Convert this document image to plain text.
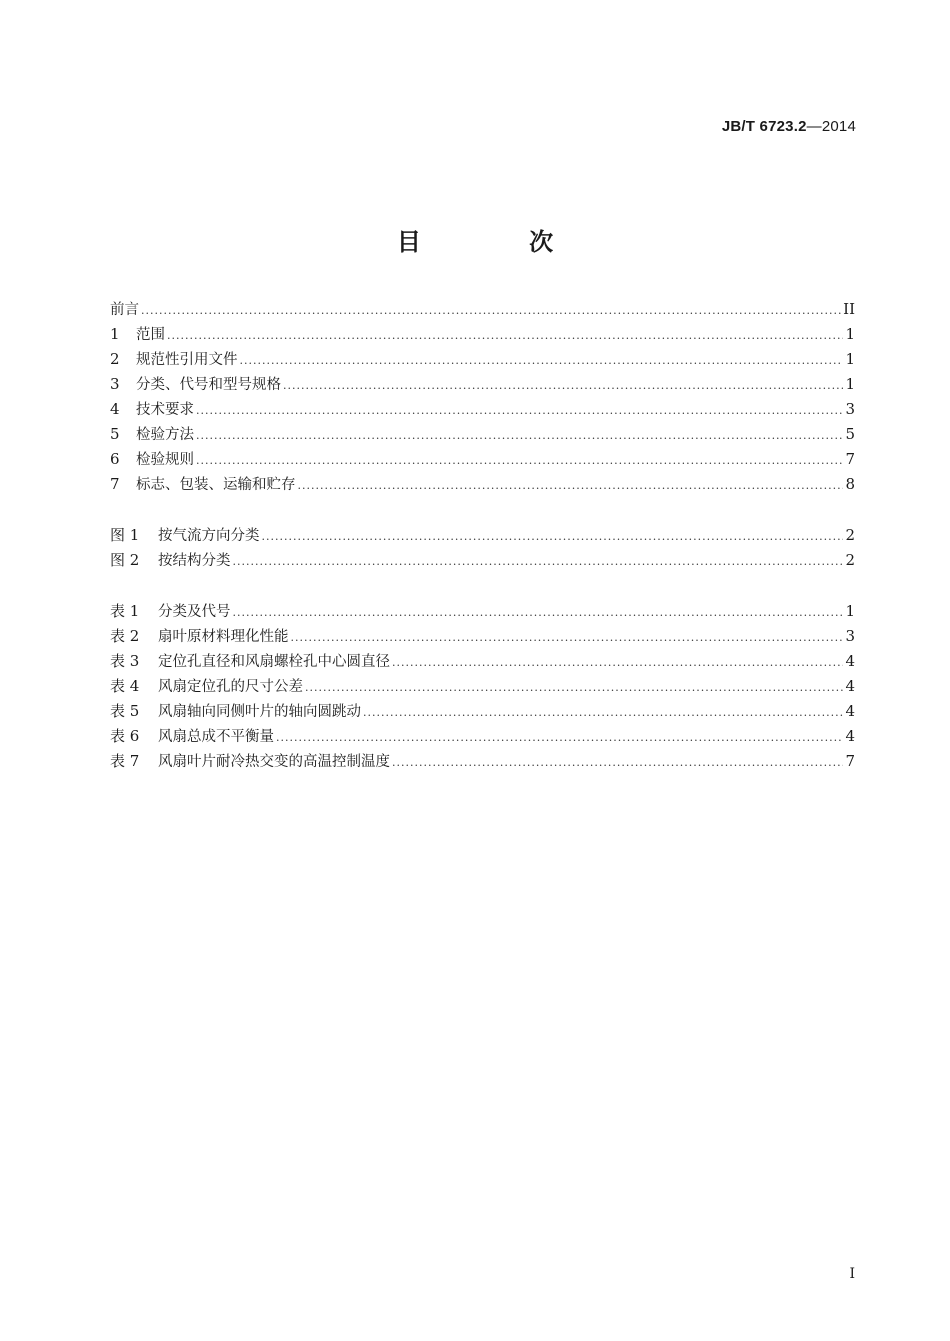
JB/T 6723.2—2014
目 次
前言 .....	II
1	范围 .....	1
2	规范性引用文件 .....	1
3	分类、代号和型号规格 .....	1
4	技术要求 .....	3
5	检验方法 .....	5
6	检验规则 .....	7
7	标志、包装、运输和贮存 .....	8
图 1	按气流方向分类 .....	2
图 2	按结构分类 .....	2
表 1	分类及代号 .....	1
表 2	扇叶原材料理化性能 .....	3
表 3	定位孔直径和风扇螺栓孔中心圆直径 .....	4
表 4	风扇定位孔的尺寸公差 .....	4
表 5	风扇轴向同侧叶片的轴向圆跳动 .....	4
表 6	风扇总成不平衡量 .....	4
表 7	风扇叶片耐冷热交变的高温控制温度 .....	7
I
